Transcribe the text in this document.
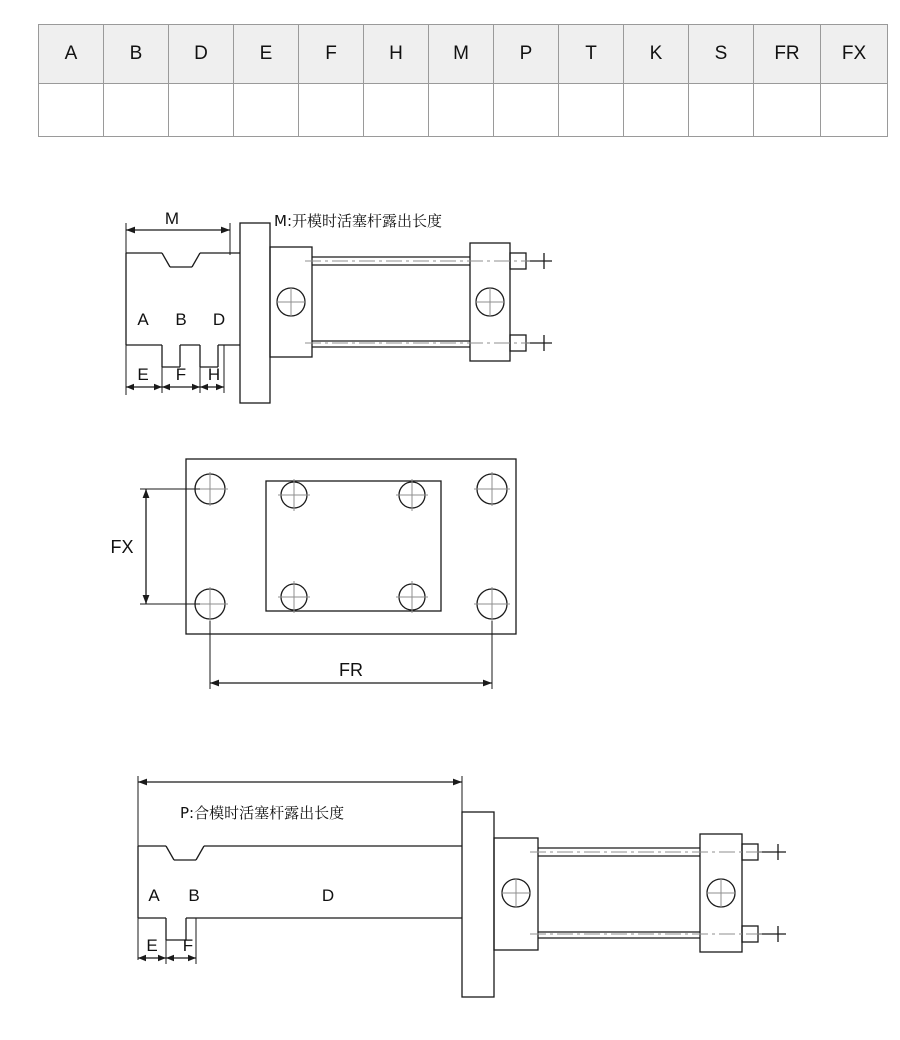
A	B	D	E	F	H	M	P	T	K	S	FR	FX

M
A B D
E F H
M:开模时活塞杆露出长度
FX
FR
A B	D
E F
P:合模时活塞杆露出长度
